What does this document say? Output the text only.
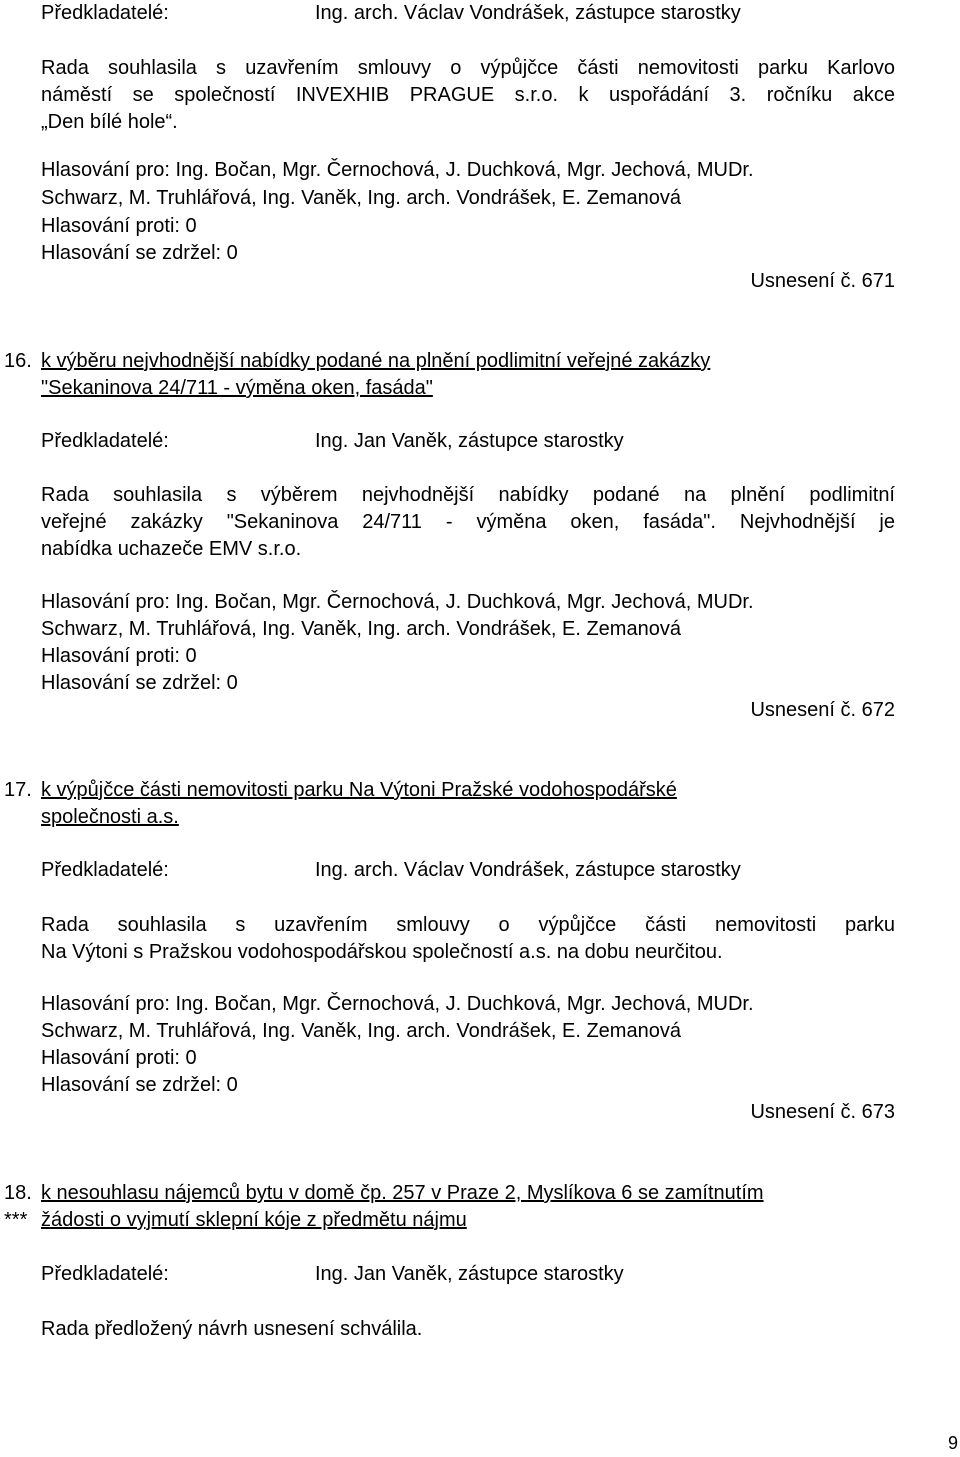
Předkladatelé:	Ing. arch. Václav Vondrášek, zástupce starostky
Rada souhlasila s uzavřením smlouvy o výpůjčce části nemovitosti parku Karlovo
náměstí se společností INVEXHIB PRAGUE s.r.o. k uspořádání 3. ročníku akce
„Den bílé hole“.
Hlasování pro: Ing. Bočan, Mgr. Černochová, J. Duchková, Mgr. Jechová, MUDr.
Schwarz, M. Truhlářová, Ing. Vaněk, Ing. arch. Vondrášek, E. Zemanová
Hlasování proti: 0
Hlasování se zdržel: 0
Usnesení č. 671
16. k výběru nejvhodnější nabídky podané na plnění podlimitní veřejné zakázky
"Sekaninova 24/711 - výměna oken, fasáda"
Předkladatelé:	Ing. Jan Vaněk, zástupce starostky
Rada souhlasila s výběrem nejvhodnější nabídky podané na plnění podlimitní
veřejné zakázky "Sekaninova 24/711 - výměna oken, fasáda". Nejvhodnější je
nabídka uchazeče EMV s.r.o.
Hlasování pro: Ing. Bočan, Mgr. Černochová, J. Duchková, Mgr. Jechová, MUDr.
Schwarz, M. Truhlářová, Ing. Vaněk, Ing. arch. Vondrášek, E. Zemanová
Hlasování proti: 0
Hlasování se zdržel: 0
Usnesení č. 672
17. k výpůjčce části nemovitosti parku Na Výtoni Pražské vodohospodářské
společnosti a.s.
Předkladatelé:	Ing. arch. Václav Vondrášek, zástupce starostky
Rada souhlasila s uzavřením smlouvy o výpůjčce části nemovitosti parku
Na Výtoni s Pražskou vodohospodářskou společností a.s. na dobu neurčitou.
Hlasování pro: Ing. Bočan, Mgr. Černochová, J. Duchková, Mgr. Jechová, MUDr.
Schwarz, M. Truhlářová, Ing. Vaněk, Ing. arch. Vondrášek, E. Zemanová
Hlasování proti: 0
Hlasování se zdržel: 0
Usnesení č. 673
18.
***
k nesouhlasu nájemců bytu v domě čp. 257 v Praze 2, Myslíkova 6 se zamítnutím
žádosti o vyjmutí sklepní kóje z předmětu nájmu
Předkladatelé:	Ing. Jan Vaněk, zástupce starostky
Rada předložený návrh usnesení schválila.
9
